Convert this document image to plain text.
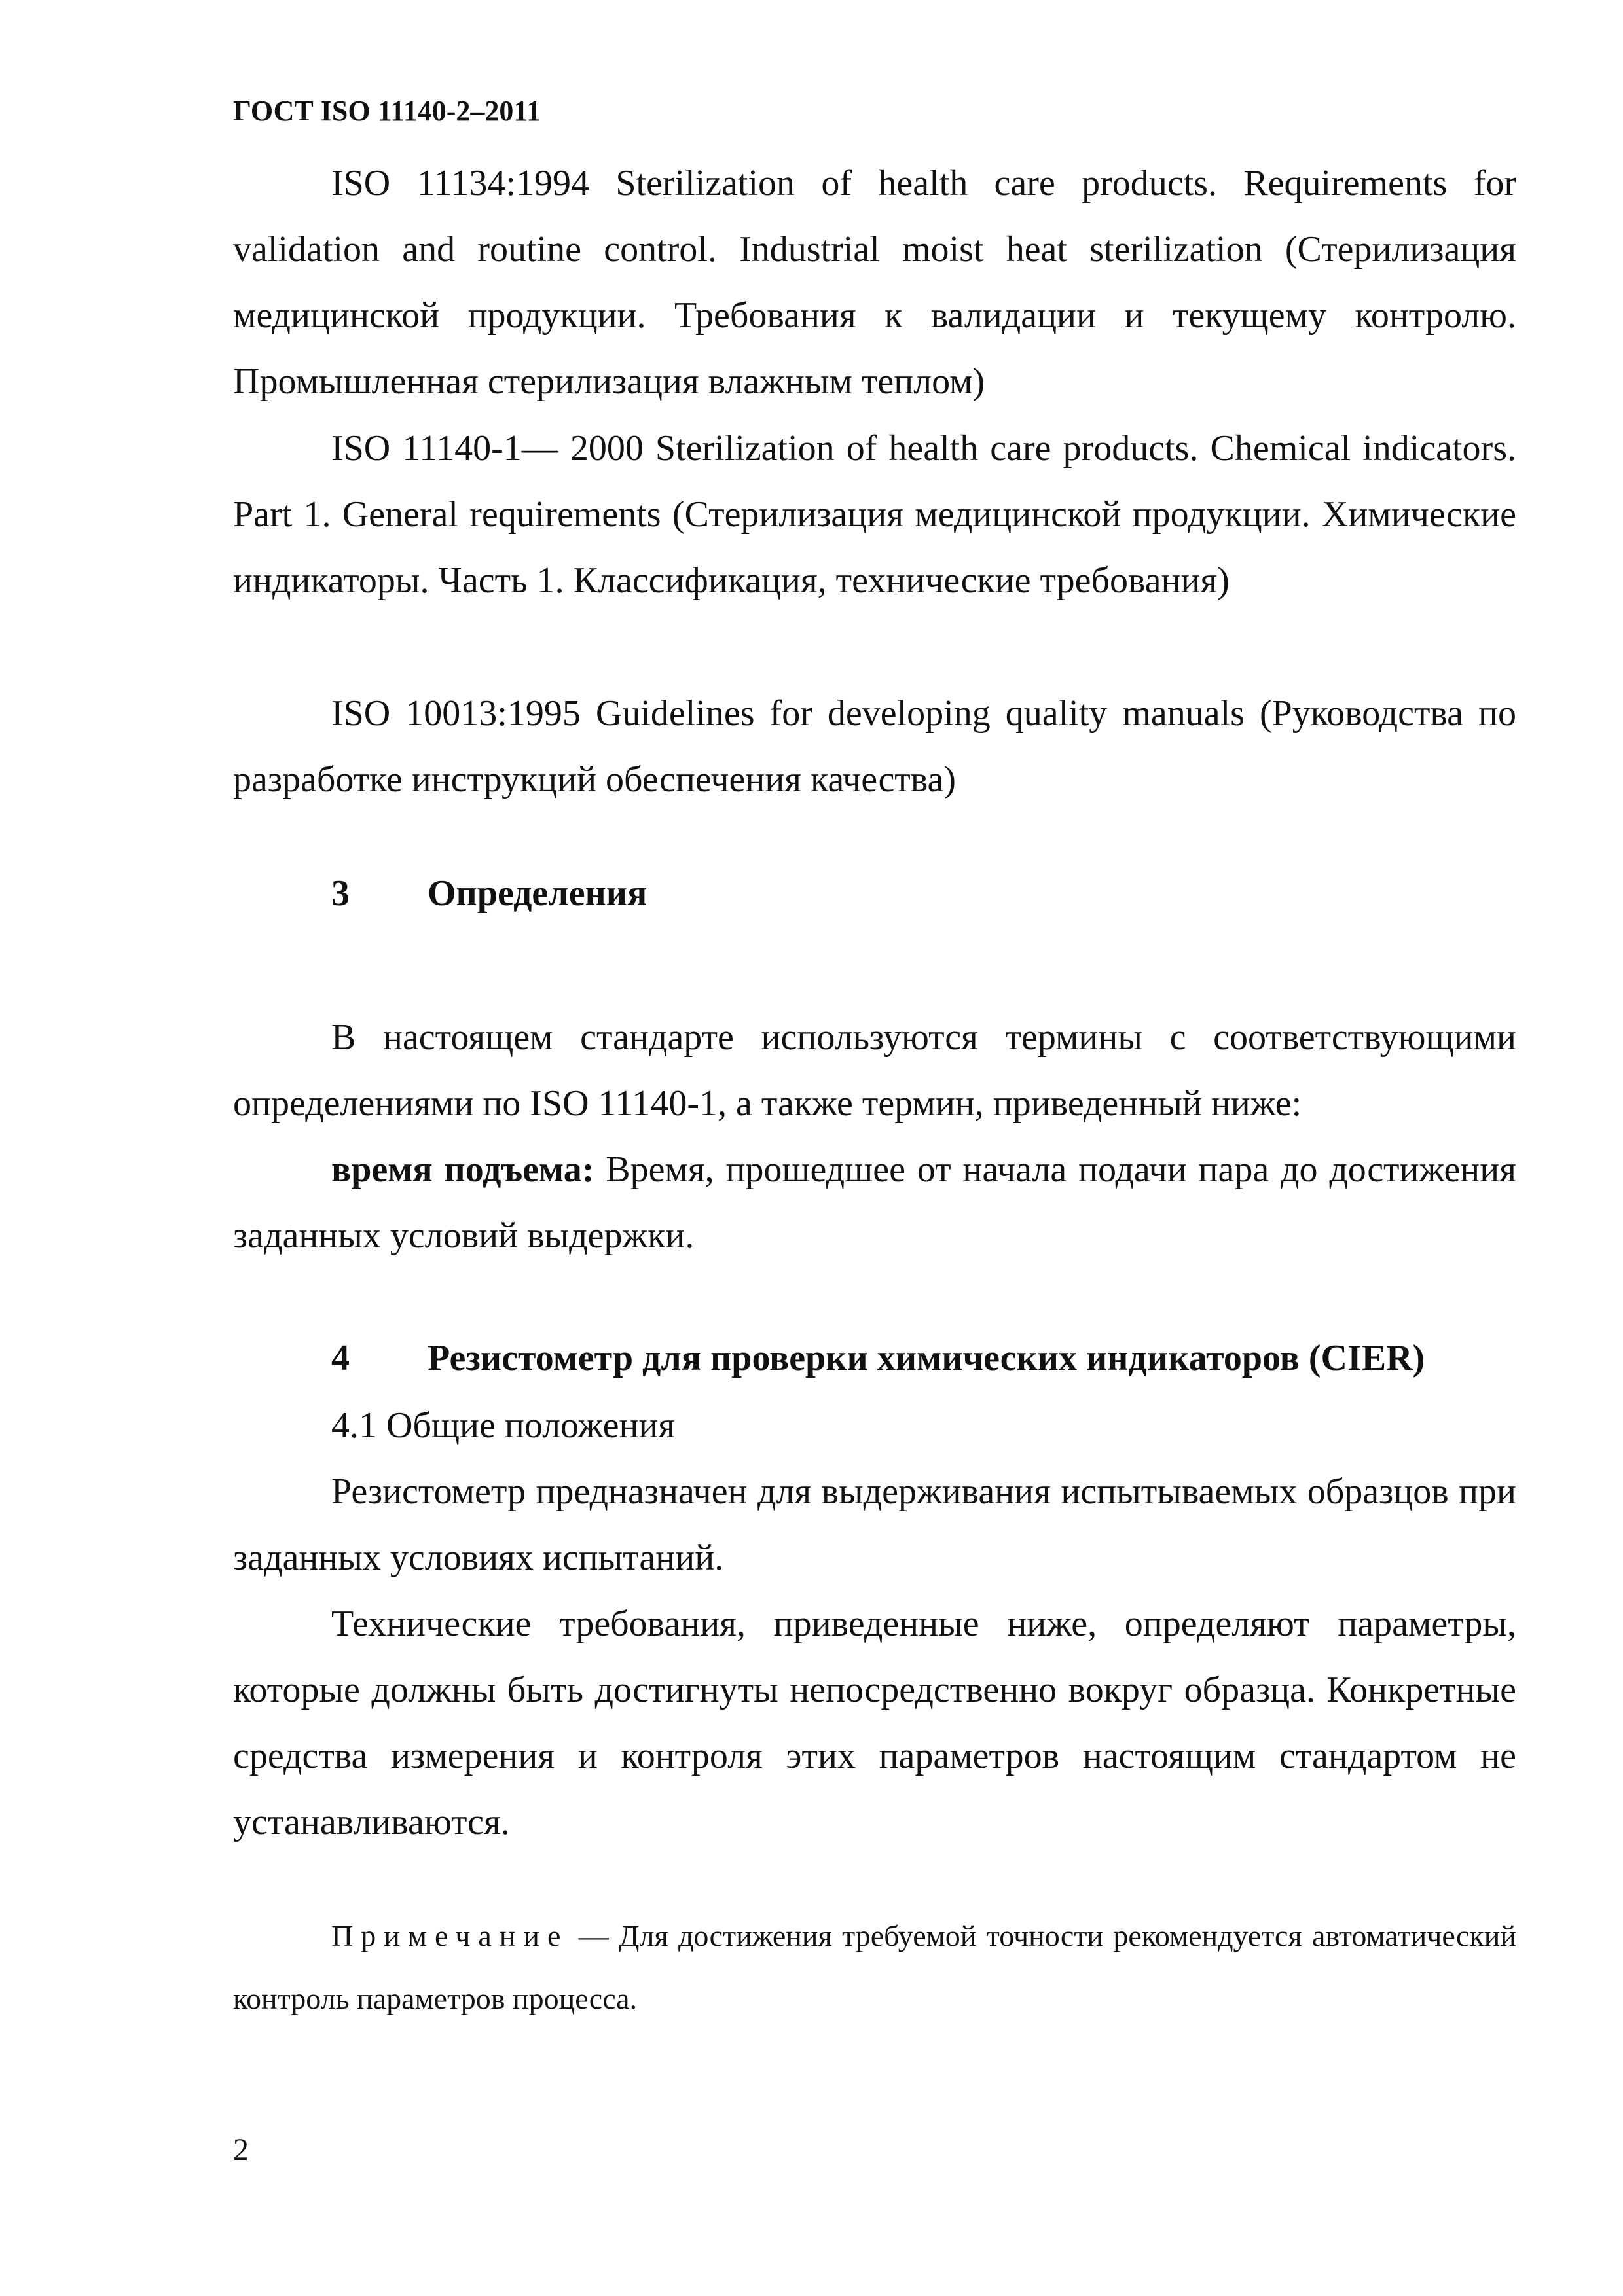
ГОСТ ISO 11140-2–2011

ISO 11134:1994 Sterilization of health care products. Requirements for validation and routine control. Industrial moist heat sterilization (Стерилизация медицинской продукции. Требования к валидации и текущему контролю. Промышленная стерилизация влажным теплом)

ISO 11140-1— 2000 Sterilization of health care products. Chemical indicators. Part 1. General requirements (Стерилизация медицинской продукции. Химические индикаторы. Часть 1. Классификация, технические требования)

ISO 10013:1995 Guidelines for developing quality manuals (Руководства по разработке инструкций обеспечения качества)

3 Определения

В настоящем стандарте используются термины с соответствующими определениями по ISO 11140-1, а также термин, приведенный ниже:

время подъема: Время, прошедшее от начала подачи пара до достижения заданных условий выдержки.

4 Резистометр для проверки химических индикаторов (CIER)
4.1 Общие положения

Резистометр предназначен для выдерживания испытываемых образцов при заданных условиях испытаний.

Технические требования, приведенные ниже, определяют параметры, которые должны быть достигнуты непосредственно вокруг образца. Конкретные средства измерения и контроля этих параметров настоящим стандартом не устанавливаются.

Примечание — Для достижения требуемой точности рекомендуется автоматический контроль параметров процесса.

2
